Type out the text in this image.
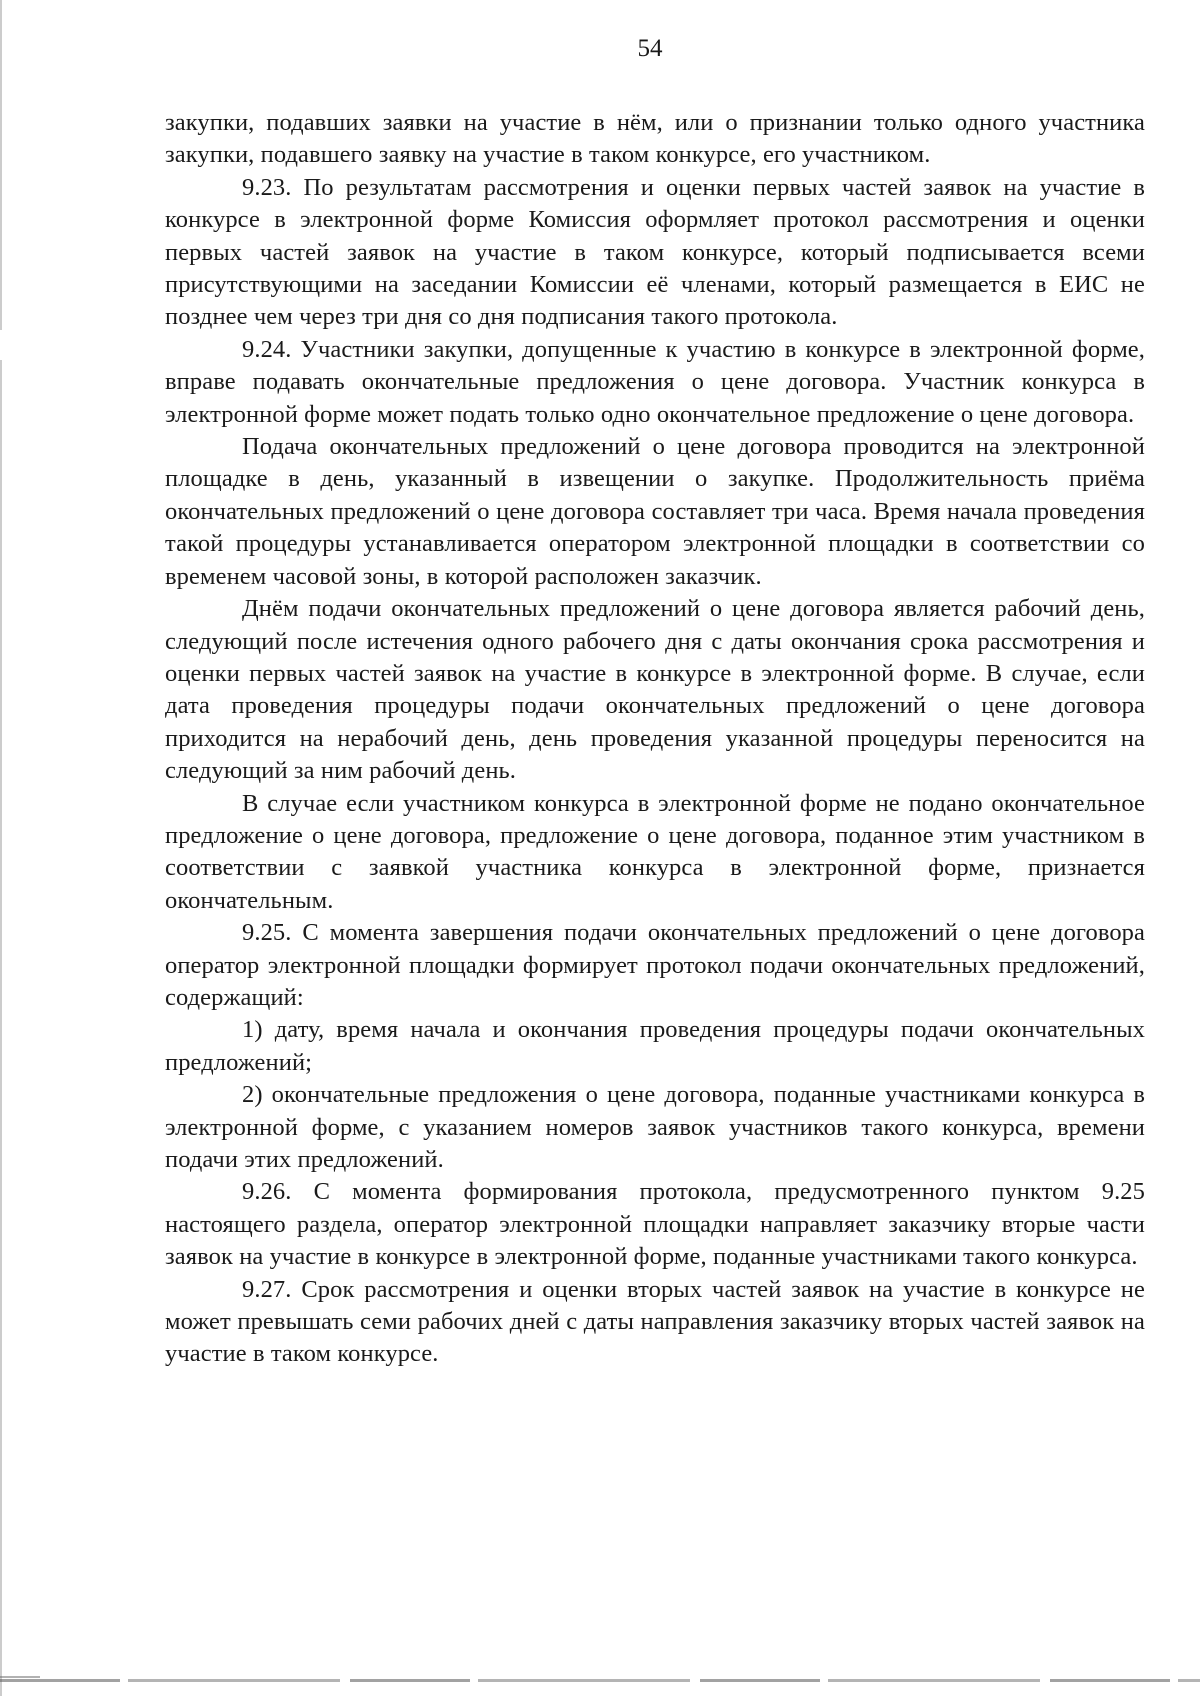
54

закупки, подавших заявки на участие в нём, или о признании только одного участника закупки, подавшего заявку на участие в таком конкурсе, его участником.

9.23. По результатам рассмотрения и оценки первых частей заявок на участие в конкурсе в электронной форме Комиссия оформляет протокол рассмотрения и оценки первых частей заявок на участие в таком конкурсе, который подписывается всеми присутствующими на заседании Комиссии её членами, который размещается в ЕИС не позднее чем через три дня со дня подписания такого протокола.

9.24. Участники закупки, допущенные к участию в конкурсе в электронной форме, вправе подавать окончательные предложения о цене договора. Участник конкурса в электронной форме может подать только одно окончательное предложение о цене договора.

Подача окончательных предложений о цене договора проводится на электронной площадке в день, указанный в извещении о закупке. Продолжительность приёма окончательных предложений о цене договора составляет три часа. Время начала проведения такой процедуры устанавливается оператором электронной площадки в соответствии со временем часовой зоны, в которой расположен заказчик.

Днём подачи окончательных предложений о цене договора является рабочий день, следующий после истечения одного рабочего дня с даты окончания срока рассмотрения и оценки первых частей заявок на участие в конкурсе в электронной форме. В случае, если дата проведения процедуры подачи окончательных предложений о цене договора приходится на нерабочий день, день проведения указанной процедуры переносится на следующий за ним рабочий день.

В случае если участником конкурса в электронной форме не подано окончательное предложение о цене договора, предложение о цене договора, поданное этим участником в соответствии с заявкой участника конкурса в электронной форме, признается окончательным.

9.25. С момента завершения подачи окончательных предложений о цене договора оператор электронной площадки формирует протокол подачи окончательных предложений, содержащий:

1) дату, время начала и окончания проведения процедуры подачи окончательных предложений;

2) окончательные предложения о цене договора, поданные участниками конкурса в электронной форме, с указанием номеров заявок участников такого конкурса, времени подачи этих предложений.

9.26. С момента формирования протокола, предусмотренного пунктом 9.25 настоящего раздела, оператор электронной площадки направляет заказчику вторые части заявок на участие в конкурсе в электронной форме, поданные участниками такого конкурса.

9.27. Срок рассмотрения и оценки вторых частей заявок на участие в конкурсе не может превышать семи рабочих дней с даты направления заказчику вторых частей заявок на участие в таком конкурсе.
